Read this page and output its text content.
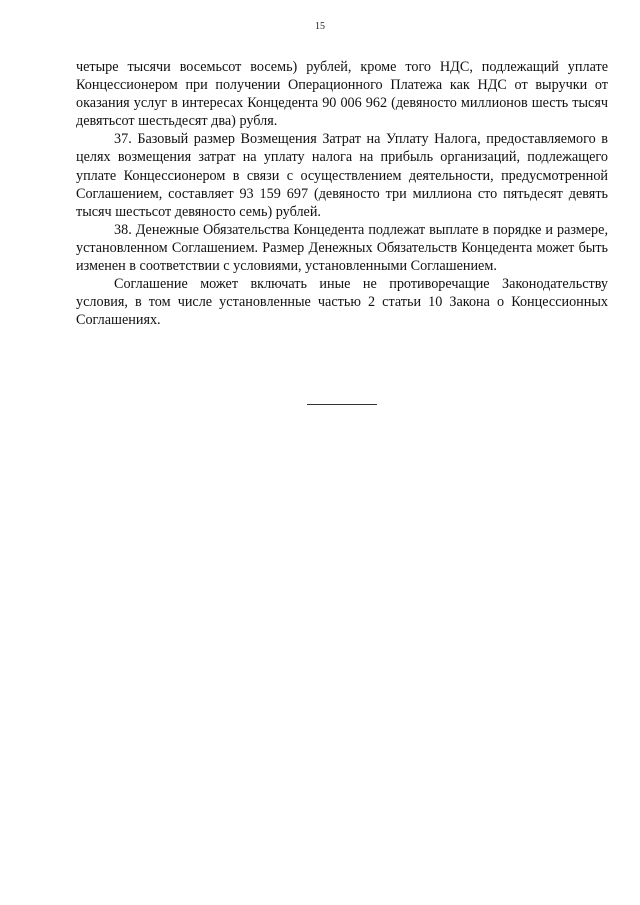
15

четыре тысячи восемьсот восемь) рублей, кроме того НДС, подлежащий уплате Концессионером при получении Операционного Платежа как НДС от выручки от оказания услуг в интересах Концедента 90 006 962 (девяносто миллионов шесть тысяч девятьсот шестьдесят два) рубля.

37. Базовый размер Возмещения Затрат на Уплату Налога, предоставляемого в целях возмещения затрат на уплату налога на прибыль организаций, подлежащего уплате Концессионером в связи с осуществлением деятельности, предусмотренной Соглашением, составляет 93 159 697 (девяносто три миллиона сто пятьдесят девять тысяч шестьсот девяносто семь) рублей.

38. Денежные Обязательства Концедента подлежат выплате в порядке и размере, установленном Соглашением. Размер Денежных Обязательств Концедента может быть изменен в соответствии с условиями, установленными Соглашением.

Соглашение может включать иные не противоречащие Законодательству условия, в том числе установленные частью 2 статьи 10 Закона о Концессионных Соглашениях.
